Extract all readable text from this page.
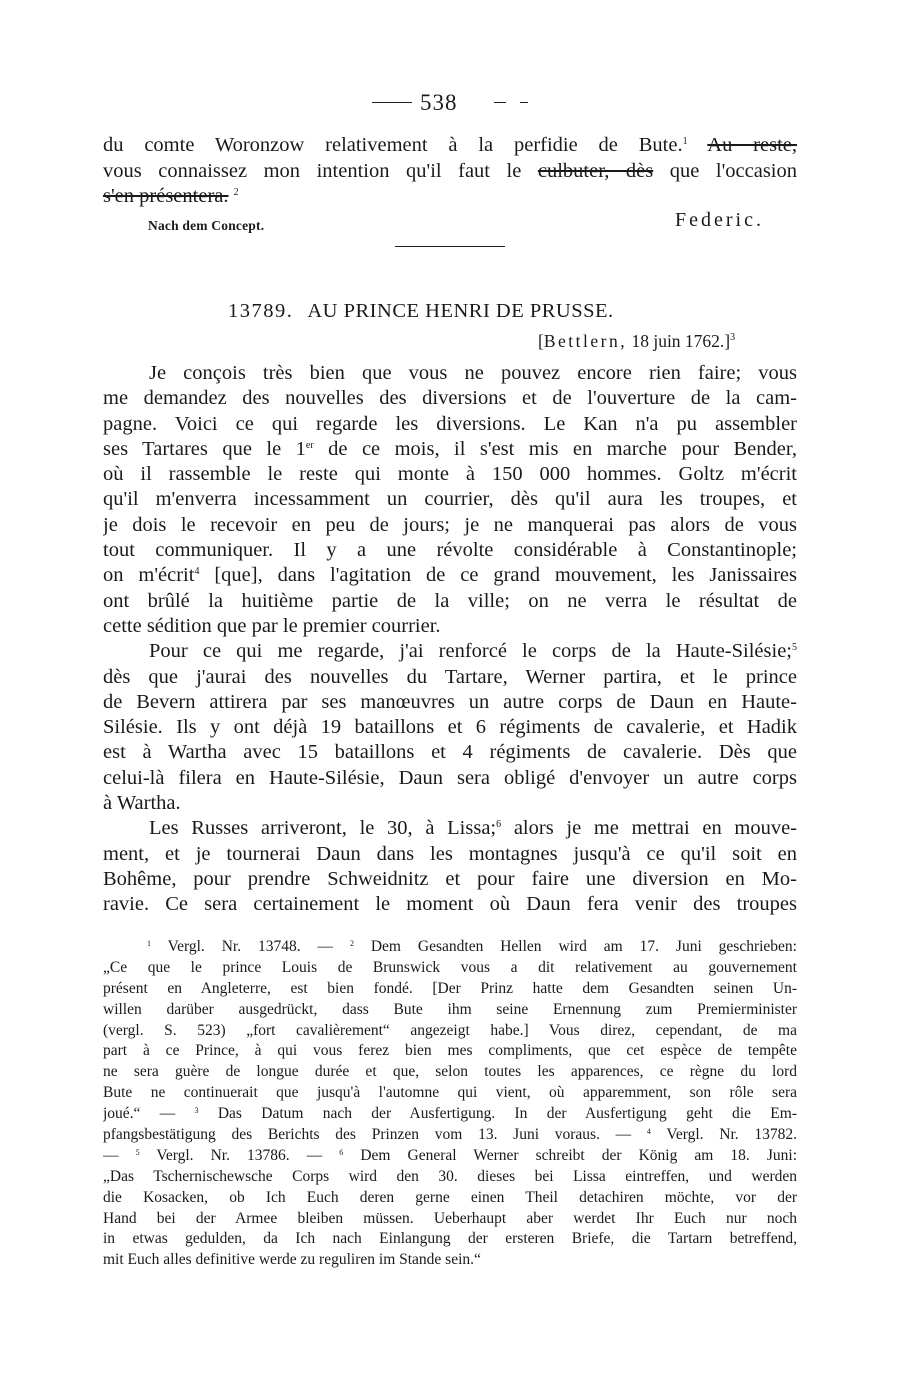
538
du comte Woronzow relativement à la perfidie de Bute.$^1$ Au reste,
vous connaissez mon intention qu'il faut le culbuter, dès que l'occasion
s'en présentera. $^2$
Nach dem Concept.	Federic.
13789. AU PRINCE HENRI DE PRUSSE.
[Bettlern, 18 juin 1762.]$^3$
Je conçois très bien que vous ne pouvez encore rien faire; vous
me demandez des nouvelles des diversions et de l'ouverture de la cam-
pagne. Voici ce qui regarde les diversions. Le Kan n'a pu assembler
ses Tartares que le 1er de ce mois, il s'est mis en marche pour Bender,
où il rassemble le reste qui monte à 150 000 hommes. Goltz m'écrit
qu'il m'enverra incessamment un courrier, dès qu'il aura les troupes, et
je dois le recevoir en peu de jours; je ne manquerai pas alors de vous
tout communiquer. Il y a une révolte considérable à Constantinople;
on m'écrit$^4$ [que], dans l'agitation de ce grand mouvement, les Janissaires
ont brûlé la huitième partie de la ville; on ne verra le résultat de
cette sédition que par le premier courrier.
Pour ce qui me regarde, j'ai renforcé le corps de la Haute-Silésie;$^5$
dès que j'aurai des nouvelles du Tartare, Werner partira, et le prince
de Bevern attirera par ses manœuvres un autre corps de Daun en Haute-
Silésie. Ils y ont déjà 19 bataillons et 6 régiments de cavalerie, et Hadik
est à Wartha avec 15 bataillons et 4 régiments de cavalerie. Dès que
celui-là filera en Haute-Silésie, Daun sera obligé d'envoyer un autre corps
à Wartha.
Les Russes arriveront, le 30, à Lissa;$^6$ alors je me mettrai en mouve-
ment, et je tournerai Daun dans les montagnes jusqu'à ce qu'il soit en
Bohême, pour prendre Schweidnitz et pour faire une diversion en Mo-
ravie. Ce sera certainement le moment où Daun fera venir des troupes
$^1$ Vergl. Nr. 13748. — $^2$ Dem Gesandten Hellen wird am 17. Juni geschrieben:
„Ce que le prince Louis de Brunswick vous a dit relativement au gouvernement
présent en Angleterre, est bien fondé. [Der Prinz hatte dem Gesandten seinen Un-
willen darüber ausgedrückt, dass Bute ihm seine Ernennung zum Premierminister
(vergl. S. 523) „fort cavalièrement“ angezeigt habe.] Vous direz, cependant, de ma
part à ce Prince, à qui vous ferez bien mes compliments, que cet espèce de tempête
ne sera guère de longue durée et que, selon toutes les apparences, ce règne du lord
Bute ne continuerait que jusqu'à l'automne qui vient, où apparemment, son rôle sera
joué.“ — $^3$ Das Datum nach der Ausfertigung. In der Ausfertigung geht die Em-
pfangsbestätigung des Berichts des Prinzen vom 13. Juni voraus. — $^4$ Vergl. Nr. 13782.
— $^5$ Vergl. Nr. 13786. — $^6$ Dem General Werner schreibt der König am 18. Juni:
„Das Tschernischewsche Corps wird den 30. dieses bei Lissa eintreffen, und werden
die Kosacken, ob Ich Euch deren gerne einen Theil detachiren möchte, vor der
Hand bei der Armee bleiben müssen. Ueberhaupt aber werdet Ihr Euch nur noch
in etwas gedulden, da Ich nach Einlangung der ersteren Briefe, die Tartarn betreffend,
mit Euch alles definitive werde zu reguliren im Stande sein.“
